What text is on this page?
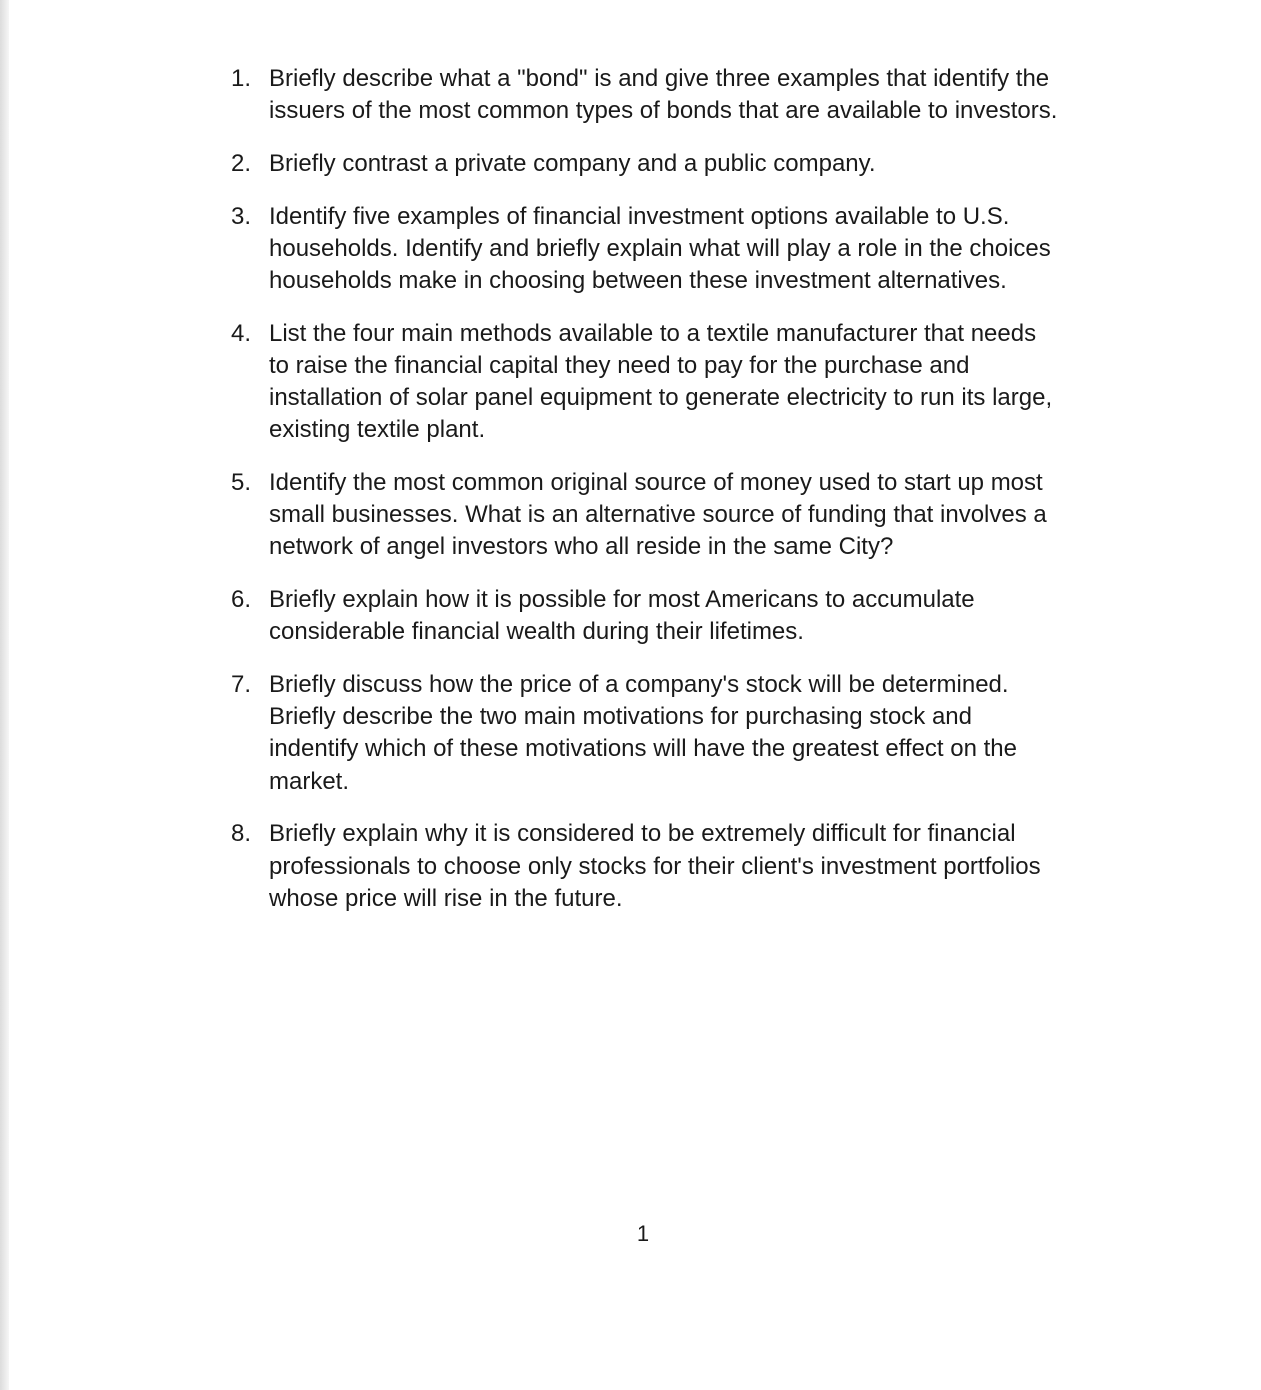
1. Briefly describe what a "bond" is and give three examples that identify the
issuers of the most common types of bonds that are available to investors.
2. Briefly contrast a private company and a public company.
3. Identify five examples of financial investment options available to U.S.
households. Identify and briefly explain what will play a role in the choices
households make in choosing between these investment alternatives.
4. List the four main methods available to a textile manufacturer that needs
to raise the financial capital they need to pay for the purchase and
installation of solar panel equipment to generate electricity to run its large,
existing textile plant.
5. Identify the most common original source of money used to start up most
small businesses. What is an alternative source of funding that involves a
network of angel investors who all reside in the same City?
6. Briefly explain how it is possible for most Americans to accumulate
considerable financial wealth during their lifetimes.
7. Briefly discuss how the price of a company's stock will be determined.
Briefly describe the two main motivations for purchasing stock and
indentify which of these motivations will have the greatest effect on the
market.
8. Briefly explain why it is considered to be extremely difficult for financial
professionals to choose only stocks for their client's investment portfolios
whose price will rise in the future.
1
